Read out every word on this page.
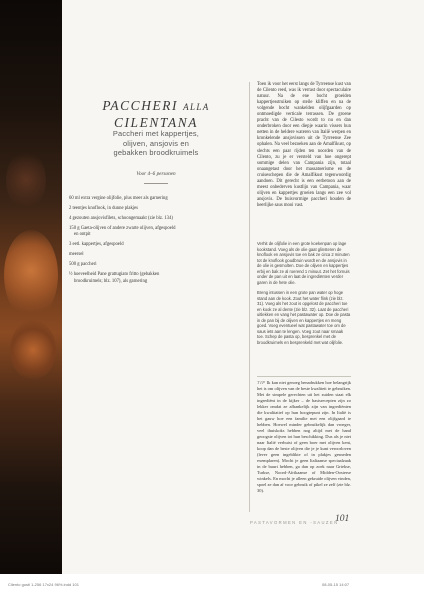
PACCHERI ALLA
CILENTANA
Paccheri met kappertjes,
olijven, ansjovis en
gebakken broodkruimels
Voor 4–6 personen
60 ml extra vergine olijfolie, plus meer als garnering
2 teentjes knoflook, in dunne plakjes
4 gezouten ansjovisfilets, schoongemaakt (zie blz. 134)
150 g Gaeta-olijven of andere zwarte olijven, afgespoeld en ontpit
3 eetl. kappertjes, afgespoeld
meersel
500 g paccheri
½ hoeveelheid Pane grattugiato fritto (gebakken broodkruimels; blz. 107), als garnering

Toen ik voor het eerst langs de Tyrreense kust van de Cilento reed, was ik verrast door spectaculaire natuur. Na de ene bocht groeiden kappertjesstruiken op steile kliffen en na de volgende bocht wankelden olijfgaarden op ontmoedigde verticale terrassen. De groene pracht van de Cilesto wordt to nu en dan onderbroken door een diepje waarin vissers hun netten in de heldere wateren van Italië werpen en kronkelende ansjovissen uit de Tyrreense Zee ophalen. Na veel bezoeken aan de Amalfikust, op slechts een paar rijden ten noorden van de Cilento, zu je er versteld van hoe ongerept sommige delen van Campania zijn, totaal onaangetast door het massatoerisme en de cruiseschepen die de Amalfikust tegenwoordig aandoen. Dit gerecht is een eerbetoon aan de meest onbederven kustlijn van Campania, waar olijven en kappertjes groeien langs een zee vol ansjovis. De buisvormige paccheri houden de heerlijke saus mooi vast.

Verhit de olijfolie in een grote koekenpan op lage kookstand. Voeg als de olie gaat glinsteren de knoflook en ansjovis toe en bak ze circa 2 minuten tot de knoflook goudbruin wordt en de ansjovis in de olie is gesmolten. Doe de olijven en kappertjes erbij en bak ze al roerend 1 minuut. Zet het fornuis onder de pan uit en laat de ingrediënten verder garen in de hete olie.

Breng intussen in een grote pan water op hoge stand aan de kook. Zout het water flink (zie blz. 31). Voeg als het zout is opgelost de paccheri toe en kook ze al dente (zie blz. 32). Laat de paccheri uitlekken en vang het pastawater op. Doe de pasta in de pan bij de olijven en kappertjes en meng goed. Voeg eventueel wat pastawater toe om de saus iets aan te lengen. Voeg zout naar smaak toe. Schep de pasta op, besprenkel met de broodkruimels en besprenkeld met wat olijfolie.

TIP Ik kan niet genoeg benadrukken hoe belangrijk het is om olijven van de beste kwaliteit te gebruiken. Met de simpele gerechten uit het zuiden staat elk ingrediënt in de kijker – de basisrecepten zijn zo lekker omdat ze afhankelijk zijn van ingrediënten die kwalitatief op hun hoogtepunt zijn. In Italië is het gauw hoe een familie met een olijfgaard te hebben. Hoewel minder gebruikelijk dan vroeger, veel thuiskoks hebben nog altijd met de hand geoogste olijven tot hun beschikking. Dus als je niet naar Italië verhuist of geen boer met olijven kent, koop dan de beste olijven die je je kunt veroorloven (lever geen ingeblikte of in plakjes gesneden exemplaren). Mocht je geen Italiaanse speciaalzaak in de buurt hebben, ga dan op zoek naar Griekse, Turkse, Noord-Afrikaanse of Midden-Oosterse winkels. En mocht je alleen gekruide olijven vinden, spoel ze dan af voor gebruik of pikel ze zelf (zie blz. 30).
PASTAVORMEN EN -SAUZEN
101
Cilento gusti 1-256 17x24 96%.indd 101	08-05-15 14:07
